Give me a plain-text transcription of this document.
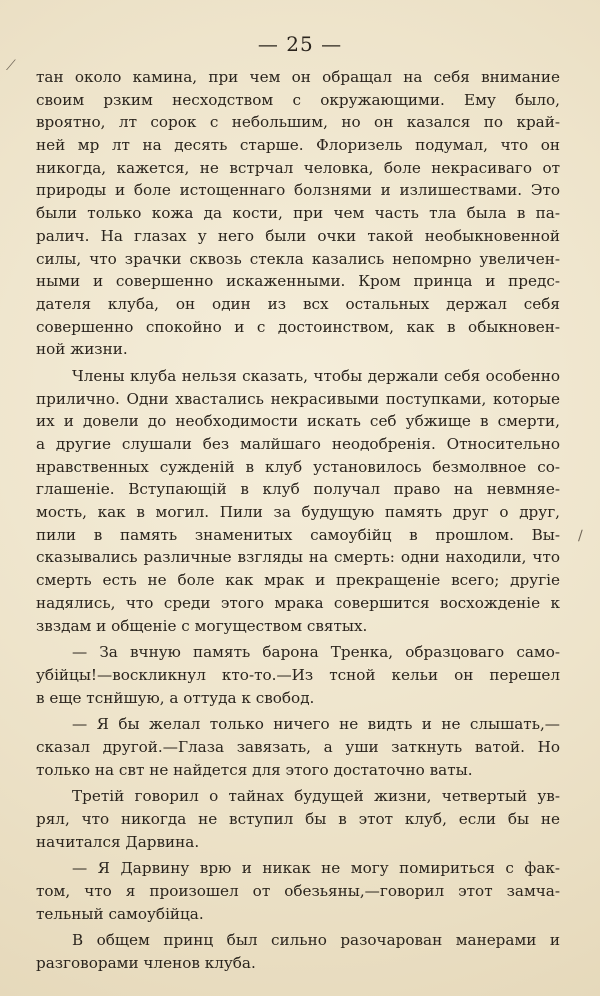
— 25 —
⟋
∕
тан около камина, при чем он обращал на себя внимание
своим рзким несходством с окружающими. Ему было,
вроятно, лт сорок с небольшим, но он казался по край-
ней мр лт на десять старше. Флоризель подумал, что он
никогда, кажется, не встрчал человка, боле некрасиваго от
природы и боле истощеннаго болзнями и излишествами. Это
были только кожа да кости, при чем часть тла была в па-
ралич. На глазах у него были очки такой необыкновенной
силы, что зрачки сквозь стекла казались непомрно увеличен-
ными и совершенно искаженными. Кром принца и предс-
дателя клуба, он один из всх остальных держал себя
совершенно спокойно и с достоинством, как в обыкновен-
ной жизни.
Члены клуба нельзя сказать, чтобы держали себя особенно
прилично. Одни хвастались некрасивыми поступками, которые
их и довели до необходимости искать себ убжище в смерти,
а другие слушали без малйшаго неодобренія. Относительно
нравственных сужденій в клуб установилось безмолвное со-
глашеніе. Вступающій в клуб получал право на невмняе-
мость, как в могил. Пили за будущую память друг о друг,
пили в память знаменитых самоубійц в прошлом. Вы-
сказывались различные взгляды на смерть: одни находили, что
смерть есть не боле как мрак и прекращеніе всего; другіе
надялись, что среди этого мрака совершится восхожденіе к
звздам и общеніе с могуществом святых.
— За вчную память барона Тренка, образцоваго само-
убійцы!—воскликнул кто-то.—Из тсной кельи он перешел
в еще тснйшую, а оттуда к свобод.
— Я бы желал только ничего не видть и не слышать,—
сказал другой.—Глаза завязать, а уши заткнуть ватой. Но
только на свт не найдется для этого достаточно ваты.
Третій говорил о тайнах будущей жизни, четвертый ув-
рял, что никогда не вступил бы в этот клуб, если бы не
начитался Дарвина.
— Я Дарвину врю и никак не могу помириться с фак-
том, что я произошел от обезьяны,—говорил этот замча-
тельный самоубійца.
В общем принц был сильно разочарован манерами и
разговорами членов клуба.
